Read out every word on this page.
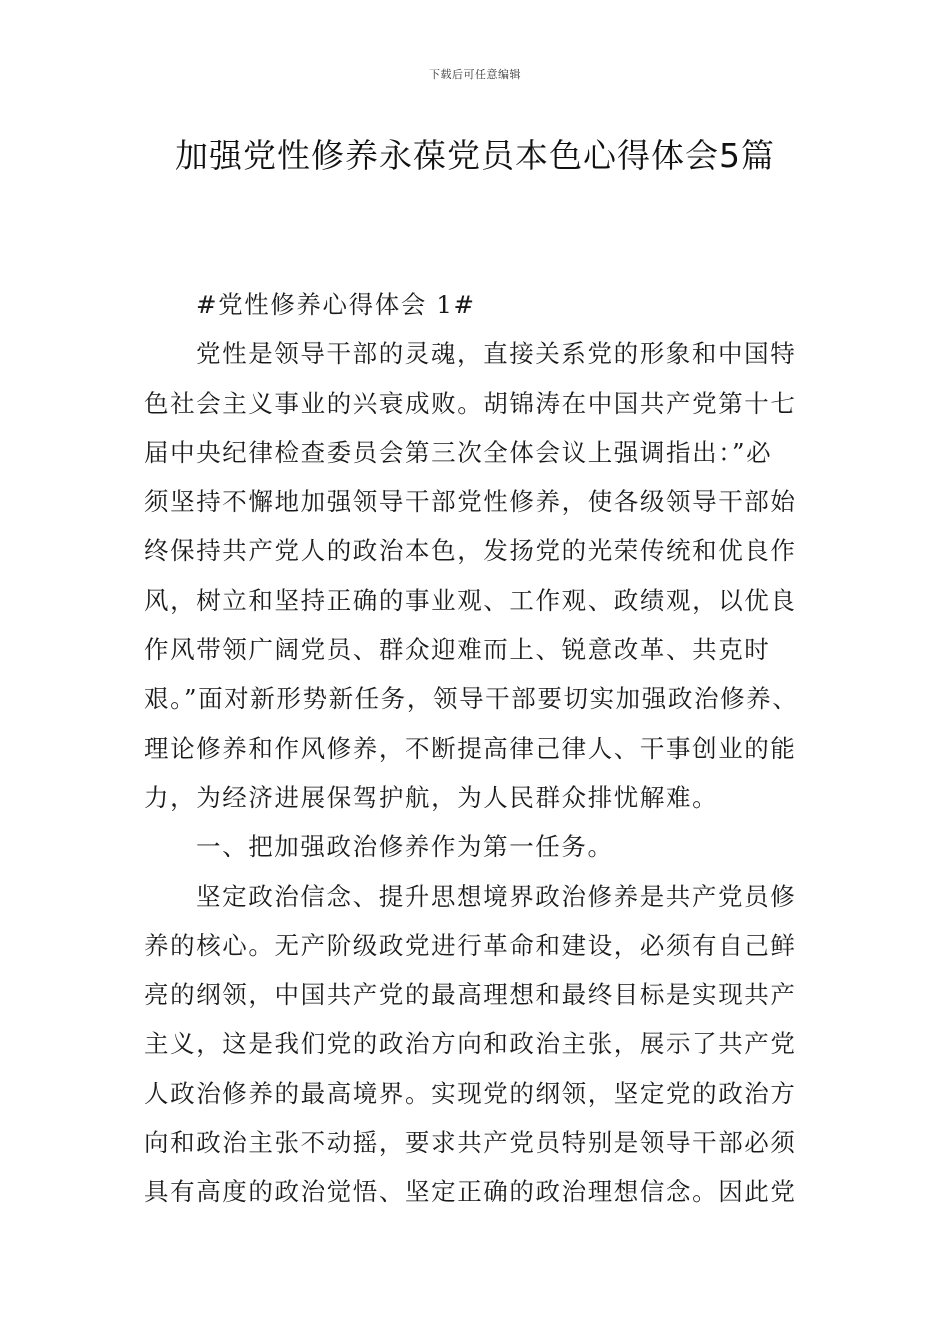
下载后可任意编辑
加强党性修养永葆党员本色心得体会5篇
#党性修养心得体会 1#
党性是领导干部的灵魂，直接关系党的形象和中国特
色社会主义事业的兴衰成败。胡锦涛在中国共产党第十七
届中央纪律检查委员会第三次全体会议上强调指出：”必
须坚持不懈地加强领导干部党性修养，使各级领导干部始
终保持共产党人的政治本色，发扬党的光荣传统和优良作
风，树立和坚持正确的事业观、工作观、政绩观，以优良
作风带领广阔党员、群众迎难而上、锐意改革、共克时
艰。”面对新形势新任务，领导干部要切实加强政治修养、
理论修养和作风修养，不断提高律己律人、干事创业的能
力，为经济进展保驾护航，为人民群众排忧解难。
一、把加强政治修养作为第一任务。
坚定政治信念、提升思想境界政治修养是共产党员修
养的核心。无产阶级政党进行革命和建设，必须有自己鲜
亮的纲领，中国共产党的最高理想和最终目标是实现共产
主义，这是我们党的政治方向和政治主张，展示了共产党
人政治修养的最高境界。实现党的纲领，坚定党的政治方
向和政治主张不动摇，要求共产党员特别是领导干部必须
具有高度的政治觉悟、坚定正确的政治理想信念。因此党
